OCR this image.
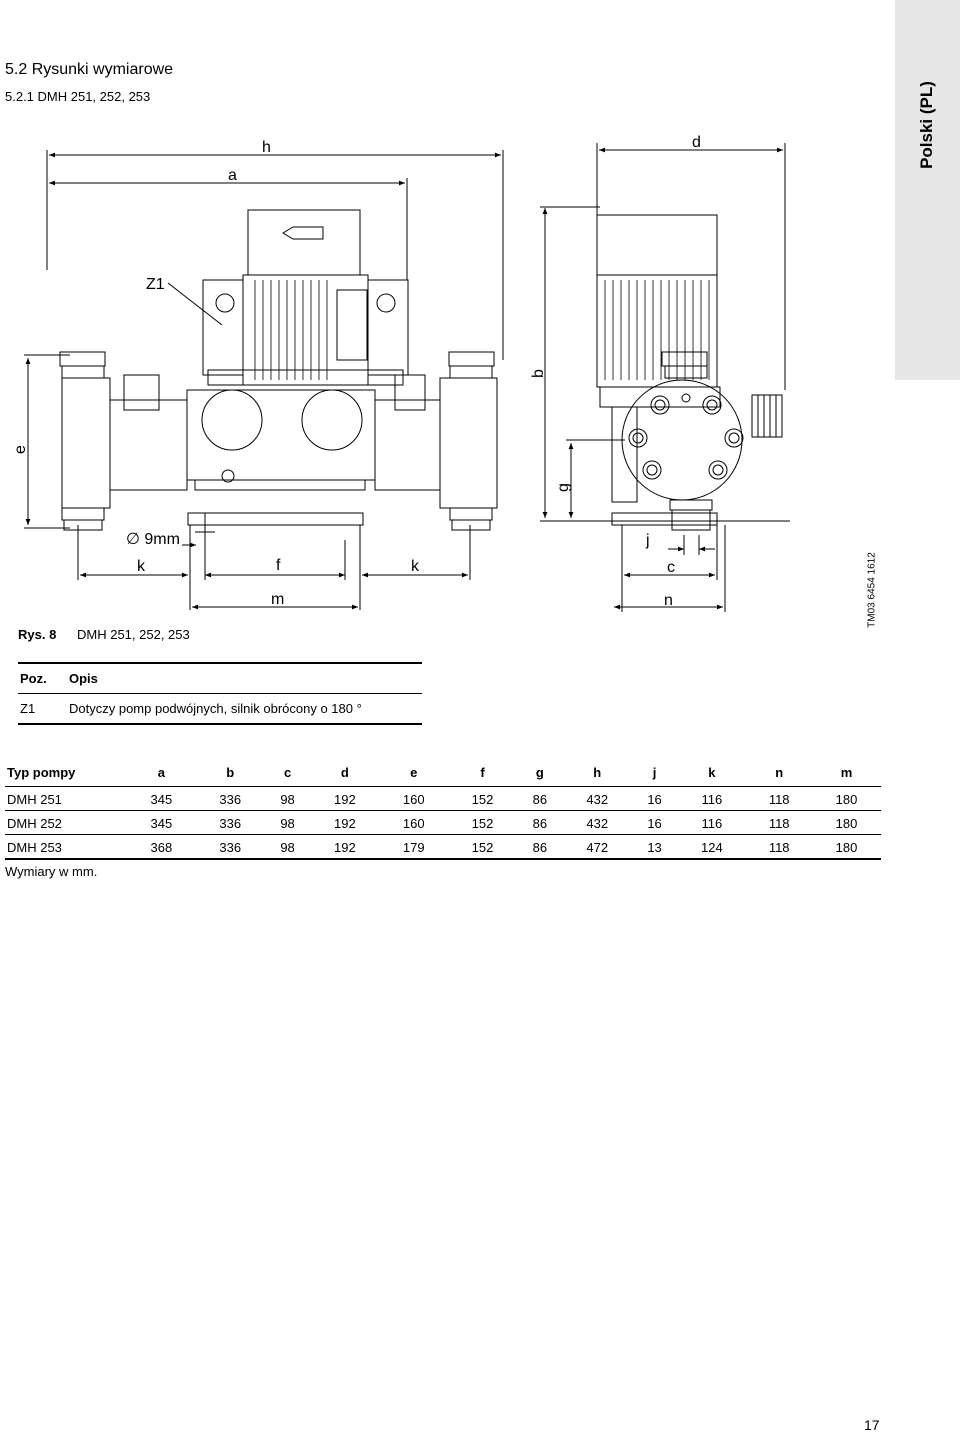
Polski (PL)
5.2 Rysunki wymiarowe
5.2.1 DMH 251, 252, 253
h
a
d
Z1
∅ 9mm
k	f	k
m
j
c
n
b
e
g
TM03 6454 1612
Rys. 8 DMH 251, 252, 253
Poz.	Opis
Z1	Dotyczy pomp podwójnych, silnik obrócony o 180 °
Typ pompy	a	b	c	d	e	f	g	h	j	k	n	m
DMH 251	345	336	98	192	160	152	86	432	16	116	118	180
DMH 252	345	336	98	192	160	152	86	432	16	116	118	180
DMH 253	368	336	98	192	179	152	86	472	13	124	118	180
Wymiary w mm.
17
